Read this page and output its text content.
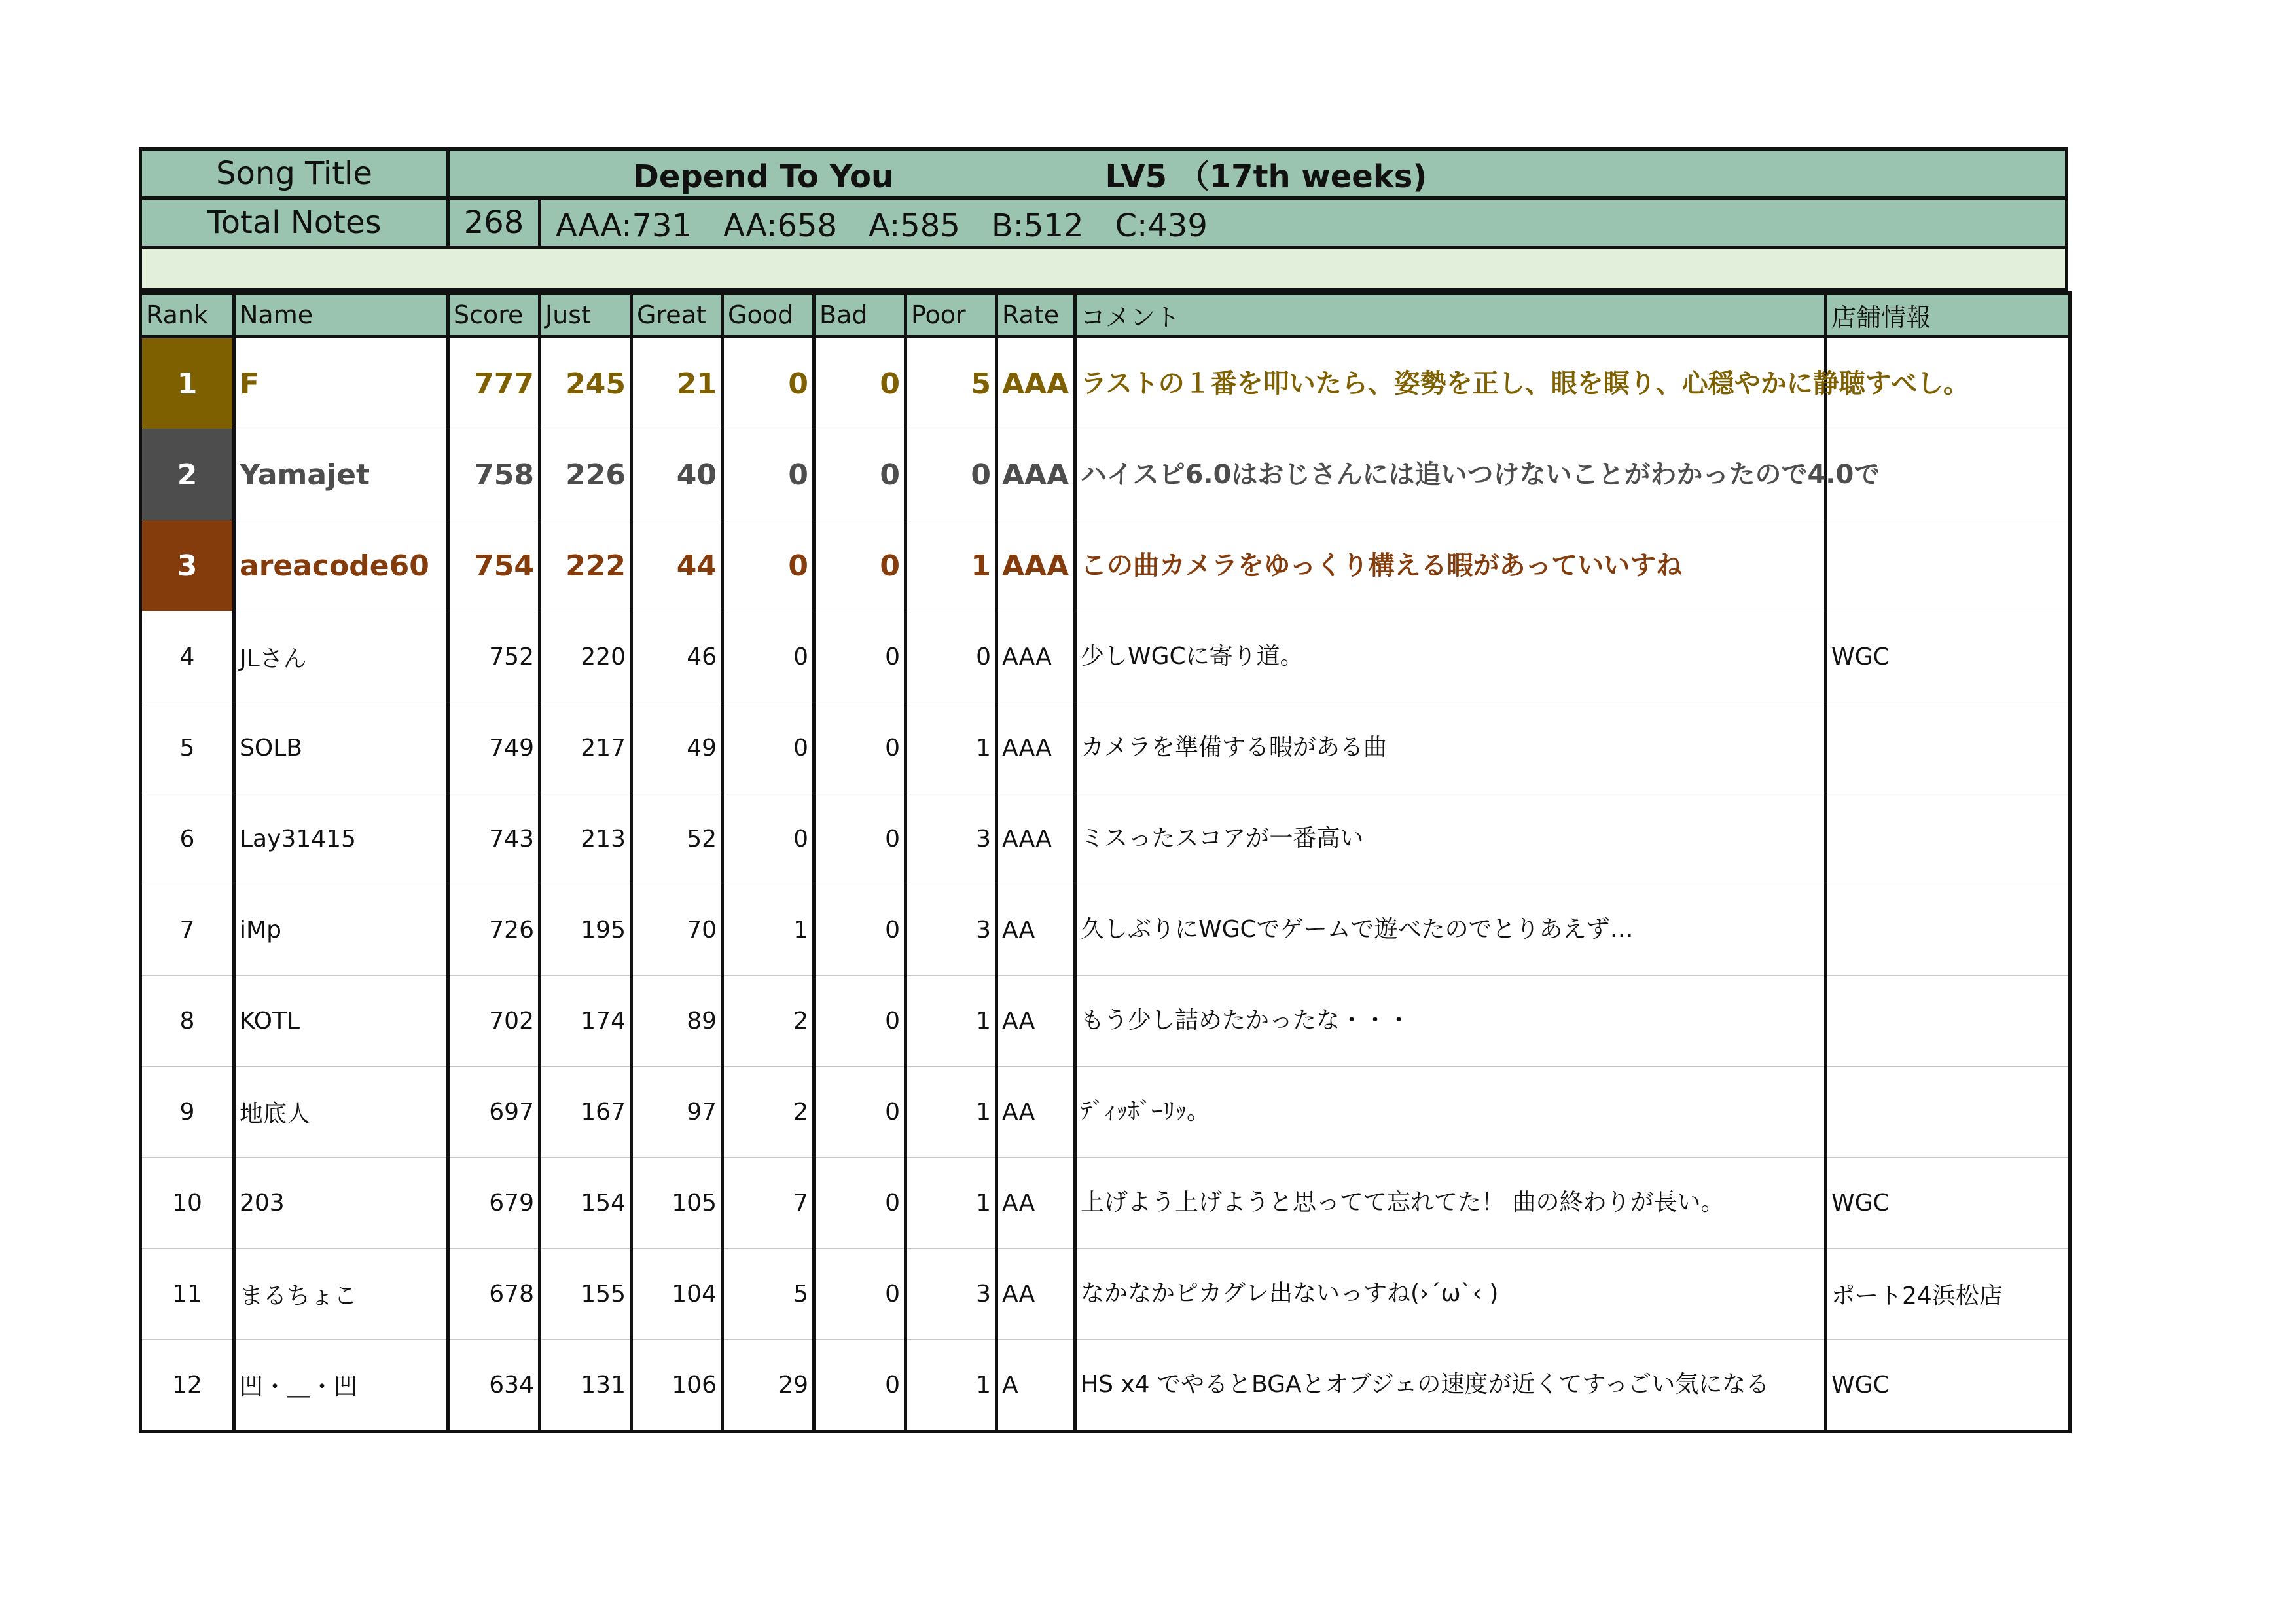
Song Title	Depend To You LV5 （17th weeks)	
Total Notes	268	AAA:731　AA:658　A:585　B:512　C:439
Rank	Name	Score	Just	Great	Good	Bad	Poor	Rate	コメント	店舗情報
1	F	777	245	21	0	0	5	AAA	ラストの１番を叩いたら、姿勢を正し、眼を瞑り、心穏やかに静聴すべし。	
2	Yamajet	758	226	40	0	0	0	AAA	ハイスピ6.0はおじさんには追いつけないことがわかったので4.0で	
3	areacode60	754	222	44	0	0	1	AAA	この曲カメラをゆっくり構える暇があっていいすね	
4	JLさん	752	220	46	0	0	0	AAA	少しWGCに寄り道。	WGC
5	SOLB	749	217	49	0	0	1	AAA	カメラを準備する暇がある曲	
6	Lay31415	743	213	52	0	0	3	AAA	ミスったスコアが一番高い	
7	iMp	726	195	70	1	0	3	AA	久しぶりにWGCでゲームで遊べたのでとりあえず…	
8	KOTL	702	174	89	2	0	1	AA	もう少し詰めたかったな・・・	
9	地底人	697	167	97	2	0	1	AA	ﾃﾞｨｯﾎﾞｰﾘｯ。	
10	203	679	154	105	7	0	1	AA	上げよう上げようと思ってて忘れてた！ 曲の終わりが長い。	WGC
11	まるちょこ	678	155	104	5	0	3	AA	なかなかピカグレ出ないっすね(›´ω`‹ )	ポート24浜松店
12	凹・＿・凹	634	131	106	29	0	1	A	HS x4 でやるとBGAとオブジェの速度が近くてすっごい気になる	WGC
